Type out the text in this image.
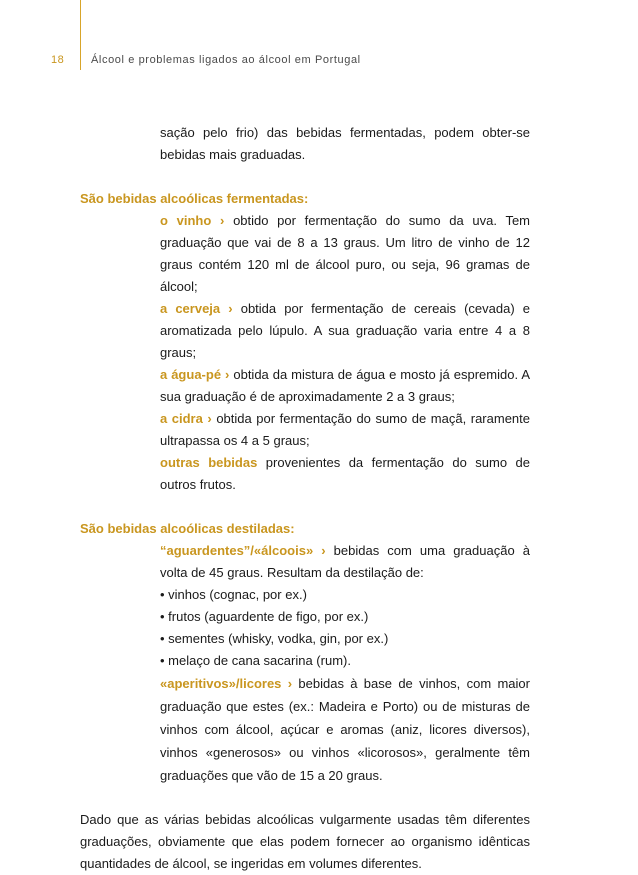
18 Álcool e problemas ligados ao álcool em Portugal

sação pelo frio) das bebidas fermentadas, podem obter-se bebidas mais graduadas.

São bebidas alcoólicas fermentadas:

o vinho › obtido por fermentação do sumo da uva. Tem graduação que vai de 8 a 13 graus. Um litro de vinho de 12 graus contém 120 ml de álcool puro, ou seja, 96 gramas de álcool;

a cerveja › obtida por fermentação de cereais (cevada) e aromatizada pelo lúpulo. A sua graduação varia entre 4 a 8 graus;

a água-pé › obtida da mistura de água e mosto já espremido. A sua graduação é de aproximadamente 2 a 3 graus;

a cidra › obtida por fermentação do sumo de maçã, raramente ultrapassa os 4 a 5 graus;

outras bebidas provenientes da fermentação do sumo de outros frutos.

São bebidas alcoólicas destiladas:

“aguardentes”/«álcoois» › bebidas com uma graduação à volta de 45 graus. Resultam da destilação de:

• vinhos (cognac, por ex.)

• frutos (aguardente de figo, por ex.)

• sementes (whisky, vodka, gin, por ex.)

• melaço de cana sacarina (rum).

«aperitivos»/licores › bebidas à base de vinhos, com maior graduação que estes (ex.: Madeira e Porto) ou de misturas de vinhos com álcool, açúcar e aromas (aniz, licores diversos), vinhos «generosos» ou vinhos «licorosos», geralmente têm graduações que vão de 15 a 20 graus.

Dado que as várias bebidas alcoólicas vulgarmente usadas têm diferentes graduações, obviamente que elas podem fornecer ao organismo idênticas quantidades de álcool, se ingeridas em volumes diferentes.
